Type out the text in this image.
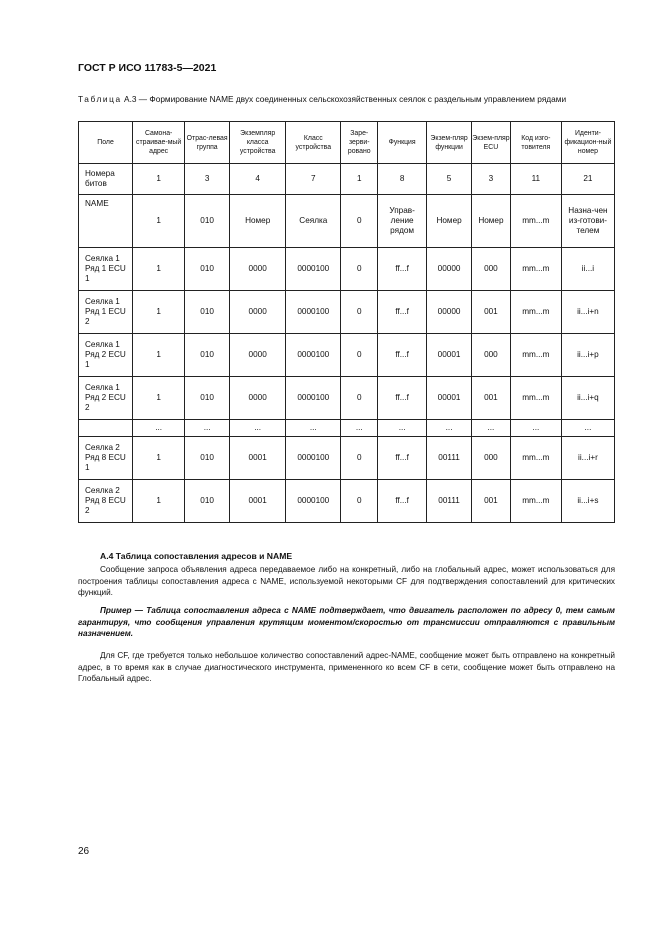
ГОСТ Р ИСО 11783-5—2021
Таблица А.3 — Формирование NAME двух соединенных сельскохозяйственных сеялок с раздельным управлением рядами
Поле	Самона-страивае-мый адрес	Отрас-левая группа	Экземпляр класса устройства	Класс устройства	Заре-зерви-ровано	Функция	Экзем-пляр функции	Экзем-пляр ECU	Код изго-товителя	Иденти-фикацион-ный номер
Номера битов	1	3	4	7	1	8	5	3	11	21
NAME	1	010	Номер	Сеялка	0	Управ-ление рядом	Номер	Номер	mm...m	Назна-чен из-готови-телем
Сеялка 1 Ряд 1 ECU 1	1	010	0000	0000100	0	ff...f	00000	000	mm...m	ii...i
Сеялка 1 Ряд 1 ECU 2	1	010	0000	0000100	0	ff...f	00000	001	mm...m	ii...i+n
Сеялка 1 Ряд 2 ECU 1	1	010	0000	0000100	0	ff...f	00001	000	mm...m	ii...i+p
Сеялка 1 Ряд 2 ECU 2	1	010	0000	0000100	0	ff...f	00001	001	mm...m	ii...i+q
	...	...	...	...	...	...	...	...	...	...
Сеялка 2 Ряд 8 ECU 1	1	010	0001	0000100	0	ff...f	00111	000	mm...m	ii...i+r
Сеялка 2 Ряд 8 ECU 2	1	010	0001	0000100	0	ff...f	00111	001	mm...m	ii...i+s
А.4 Таблица сопоставления адресов и NAME
Сообщение запроса объявления адреса передаваемое либо на конкретный, либо на глобальный адрес, может использоваться для построения таблицы сопоставления адреса с NAME, используемой некоторыми CF для подтверждения сопоставлений для критических функций.
Пример — Таблица сопоставления адреса с NAME подтверждает, что двигатель расположен по адресу 0, тем самым гарантируя, что сообщения управления крутящим моментом/скоростью от трансмиссии отправляются с правильным назначением.
Для CF, где требуется только небольшое количество сопоставлений адрес-NAME, сообщение может быть отправлено на конкретный адрес, в то время как в случае диагностического инструмента, примененного ко всем CF в сети, сообщение может быть отправлено на Глобальный адрес.
26
